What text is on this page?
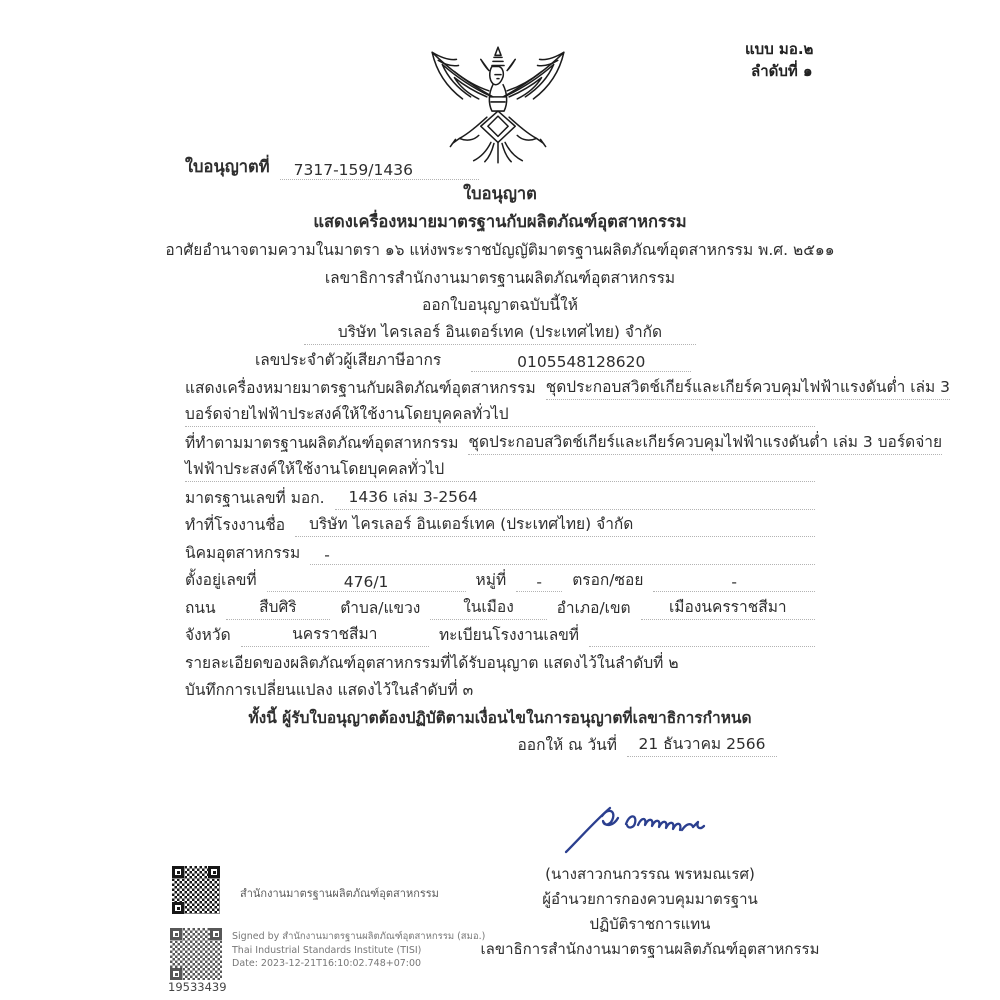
แบบ มอ.๒
ลำดับที่ ๑
ใบอนุญาตที่	7317-159/1436
ใบอนุญาต
แสดงเครื่องหมายมาตรฐานกับผลิตภัณฑ์อุตสาหกรรม
อาศัยอำนาจตามความในมาตรา ๑๖ แห่งพระราชบัญญัติมาตรฐานผลิตภัณฑ์อุตสาหกรรม พ.ศ. ๒๕๑๑
เลขาธิการสำนักงานมาตรฐานผลิตภัณฑ์อุตสาหกรรม
ออกใบอนุญาตฉบับนี้ให้
บริษัท ไครเลอร์ อินเตอร์เทค (ประเทศไทย) จำกัด
เลขประจำตัวผู้เสียภาษีอากร	0105548128620
แสดงเครื่องหมายมาตรฐานกับผลิตภัณฑ์อุตสาหกรรม ชุดประกอบสวิตช์เกียร์และเกียร์ควบคุมไฟฟ้าแรงดันต่ำ เล่ม 3
บอร์ดจ่ายไฟฟ้าประสงค์ให้ใช้งานโดยบุคคลทั่วไป
ที่ทำตามมาตรฐานผลิตภัณฑ์อุตสาหกรรม ชุดประกอบสวิตช์เกียร์และเกียร์ควบคุมไฟฟ้าแรงดันต่ำ เล่ม 3 บอร์ดจ่าย
ไฟฟ้าประสงค์ให้ใช้งานโดยบุคคลทั่วไป
มาตรฐานเลขที่ มอก.	1436 เล่ม 3-2564
ทำที่โรงงานชื่อ	บริษัท ไครเลอร์ อินเตอร์เทค (ประเทศไทย) จำกัด
นิคมอุตสาหกรรม	-
ตั้งอยู่เลขที่	476/1	หมู่ที่	-	ตรอก/ซอย	-
ถนน	สืบศิริ	ตำบล/แขวง	ในเมือง	อำเภอ/เขต	เมืองนครราชสีมา
จังหวัด	นครราชสีมา	ทะเบียนโรงงานเลขที่
รายละเอียดของผลิตภัณฑ์อุตสาหกรรมที่ได้รับอนุญาต แสดงไว้ในลำดับที่ ๒
บันทึกการเปลี่ยนแปลง แสดงไว้ในลำดับที่ ๓
ทั้งนี้ ผู้รับใบอนุญาตต้องปฏิบัติตามเงื่อนไขในการอนุญาตที่เลขาธิการกำหนด
ออกให้ ณ วันที่	21 ธันวาคม 2566
(นางสาวกนกวรรณ พรหมณเรศ)
ผู้อำนวยการกองควบคุมมาตรฐาน
ปฏิบัติราชการแทน
เลขาธิการสำนักงานมาตรฐานผลิตภัณฑ์อุตสาหกรรม
สำนักงานมาตรฐานผลิตภัณฑ์อุตสาหกรรม
Signed by สำนักงานมาตรฐานผลิตภัณฑ์อุตสาหกรรม (สมอ.)
Thai Industrial Standards Institute (TISI)
Date: 2023-12-21T16:10:02.748+07:00
19533439
